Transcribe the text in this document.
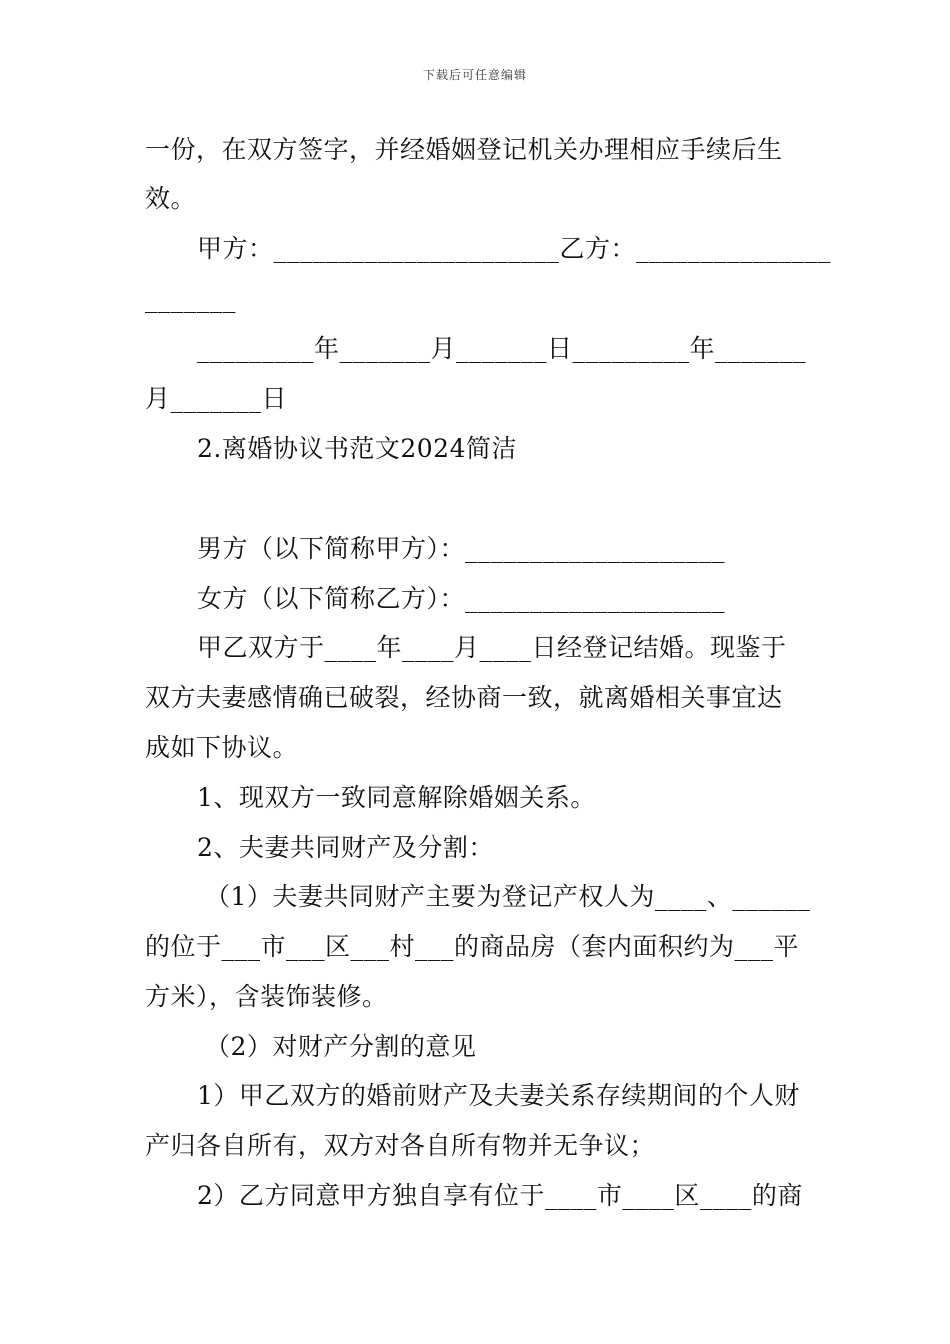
下载后可任意编辑
一份，在双方签字，并经婚姻登记机关办理相应手续后生
效。
甲方：______________________乙方：_______________
_______
_________年_______月_______日_________年_______
月_______日
2.离婚协议书范文2024简洁
男方（以下简称甲方）：____________________
女方（以下简称乙方）：____________________
甲乙双方于____年____月____日经登记结婚。现鉴于
双方夫妻感情确已破裂，经协商一致，就离婚相关事宜达
成如下协议。
1、现双方一致同意解除婚姻关系。
2、夫妻共同财产及分割：
（1）夫妻共同财产主要为登记产权人为____、______
的位于___市___区___村___的商品房（套内面积约为___平
方米），含装饰装修。
（2）对财产分割的意见
1）甲乙双方的婚前财产及夫妻关系存续期间的个人财
产归各自所有，双方对各自所有物并无争议；
2）乙方同意甲方独自享有位于____市____区____的商
